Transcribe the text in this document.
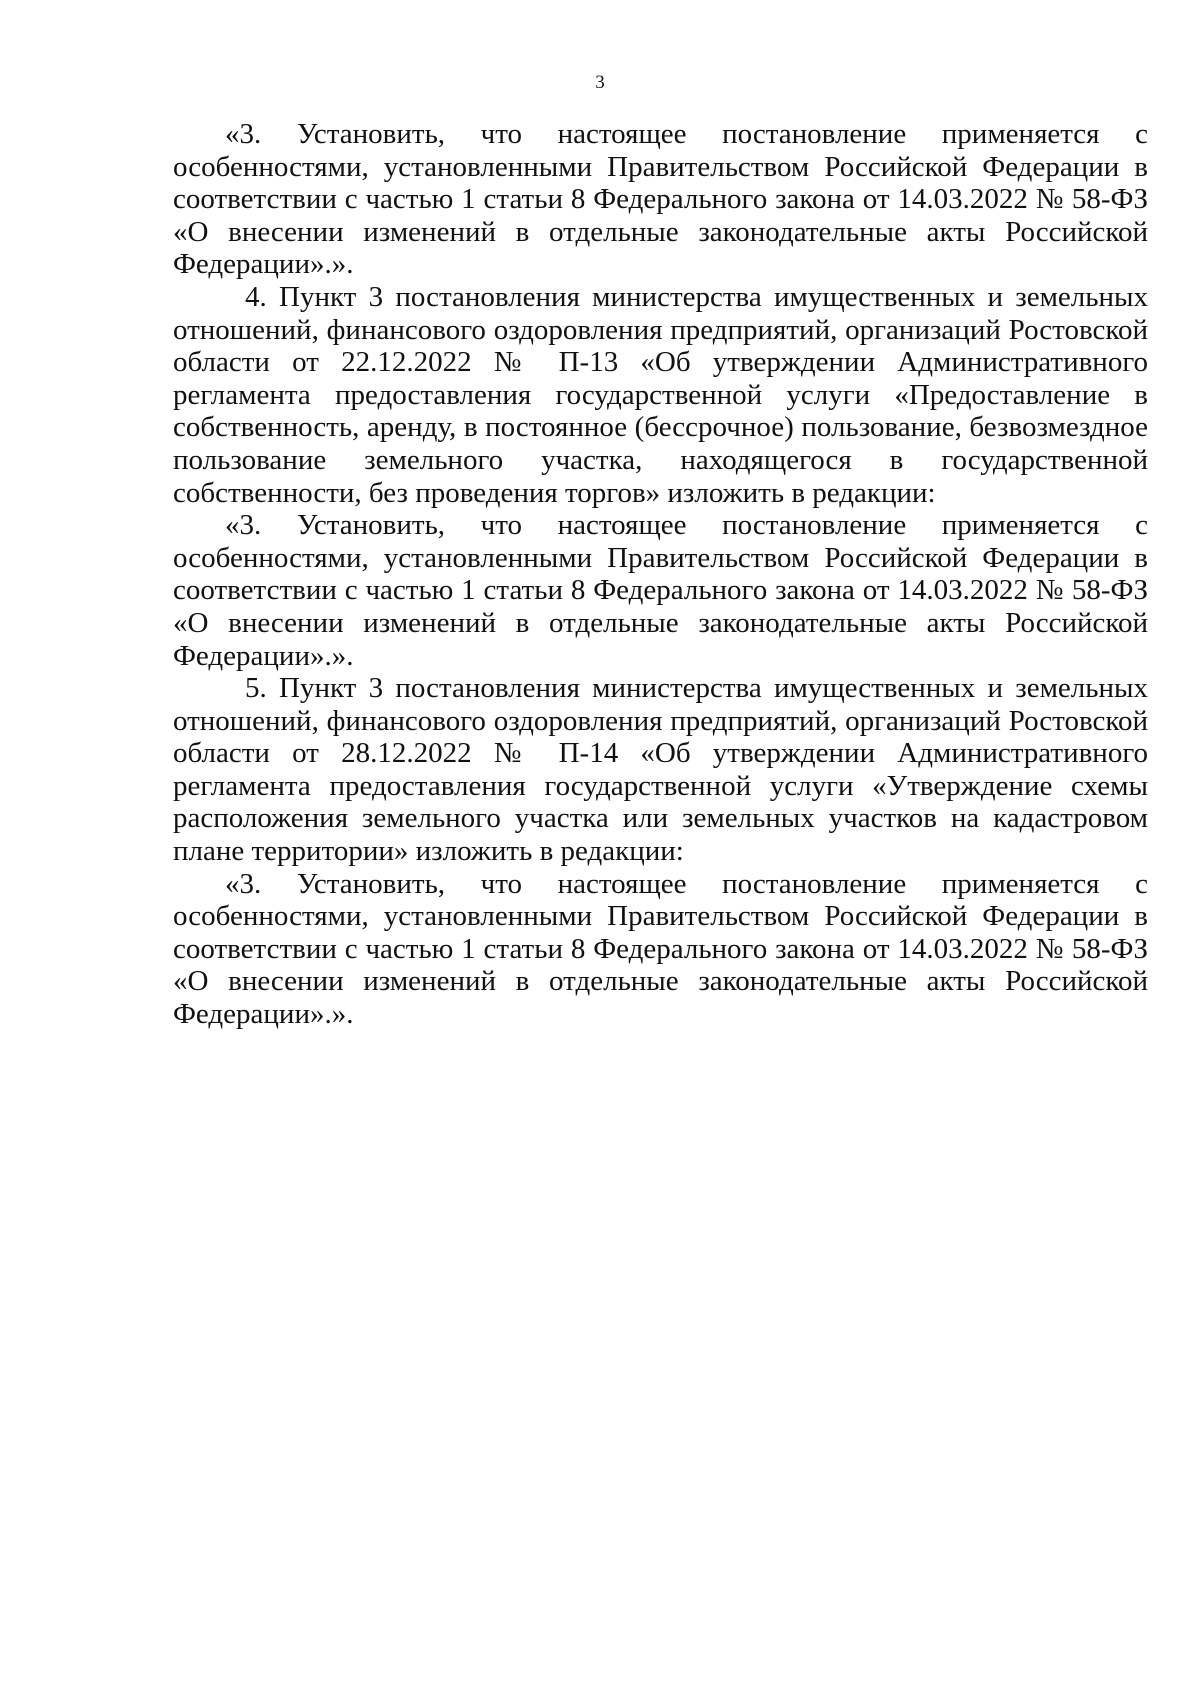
3

«3. Установить, что настоящее постановление применяется с особенностями, установленными Правительством Российской Федерации в соответствии с частью 1 статьи 8 Федерального закона от 14.03.2022 № 58-ФЗ «О внесении изменений в отдельные законодательные акты Российской Федерации».».

4. Пункт 3 постановления министерства имущественных и земельных отношений, финансового оздоровления предприятий, организаций Ростовской области от 22.12.2022 № П-13 «Об утверждении Административного регламента предоставления государственной услуги «Предоставление в собственность, аренду, в постоянное (бессрочное) пользование, безвозмездное пользование земельного участка, находящегося в государственной собственности, без проведения торгов» изложить в редакции:

«3. Установить, что настоящее постановление применяется с особенностями, установленными Правительством Российской Федерации в соответствии с частью 1 статьи 8 Федерального закона от 14.03.2022 № 58-ФЗ «О внесении изменений в отдельные законодательные акты Российской Федерации».».

5. Пункт 3 постановления министерства имущественных и земельных отношений, финансового оздоровления предприятий, организаций Ростовской области от 28.12.2022 № П-14 «Об утверждении Административного регламента предоставления государственной услуги «Утверждение схемы расположения земельного участка или земельных участков на кадастровом плане территории» изложить в редакции:

«3. Установить, что настоящее постановление применяется с особенностями, установленными Правительством Российской Федерации в соответствии с частью 1 статьи 8 Федерального закона от 14.03.2022 № 58-ФЗ «О внесении изменений в отдельные законодательные акты Российской Федерации».».
